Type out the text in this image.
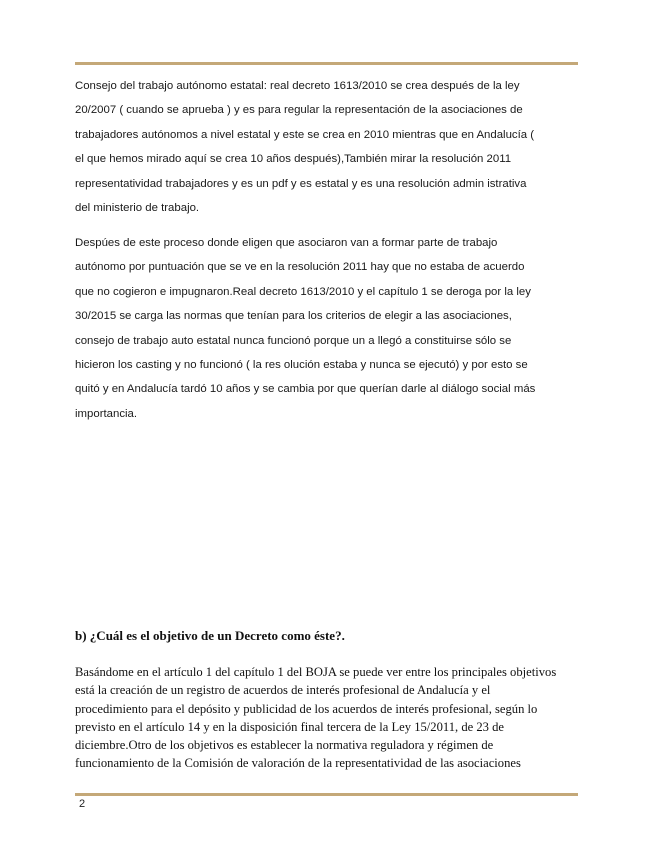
Consejo del trabajo autónomo estatal: real decreto 1613/2010 se crea después de la ley

20/2007 ( cuando se aprueba ) y es para regular la representación de la asociaciones de

trabajadores autónomos a nivel estatal y este se crea en 2010 mientras que en Andalucía (

el que hemos mirado aquí se crea 10 años después),También mirar la resolución 2011

representatividad trabajadores y es un pdf y es estatal y es una resolución admin istrativa

del ministerio de trabajo.

Despúes de este proceso donde eligen que asociaron van a formar parte de trabajo

autónomo por puntuación que se ve en la resolución 2011 hay que no estaba de acuerdo

que no cogieron e impugnaron.Real decreto 1613/2010 y el capítulo 1 se deroga por la ley

30/2015 se carga las normas que tenían para los criterios de elegir a las asociaciones,

consejo de trabajo auto estatal nunca funcionó porque un a llegó a constituirse sólo se

hicieron los casting y no funcionó ( la res olución estaba y nunca se ejecutó) y por esto se

quitó y en Andalucía tardó 10 años y se cambia por que querían darle al diálogo social más

importancia.

b) ¿Cuál es el objetivo de un Decreto como éste?.

Basándome en el artículo 1 del capítulo 1 del BOJA se puede ver entre los principales objetivos

está la creación de un registro de acuerdos de interés profesional de Andalucía y el

procedimiento para el depósito y publicidad de los acuerdos de interés profesional, según lo

previsto en el artículo 14 y en la disposición final tercera de la Ley 15/2011, de 23 de

diciembre.Otro de los objetivos es establecer la normativa reguladora y régimen de

funcionamiento de la Comisión de valoración de la representatividad de las asociaciones

2
